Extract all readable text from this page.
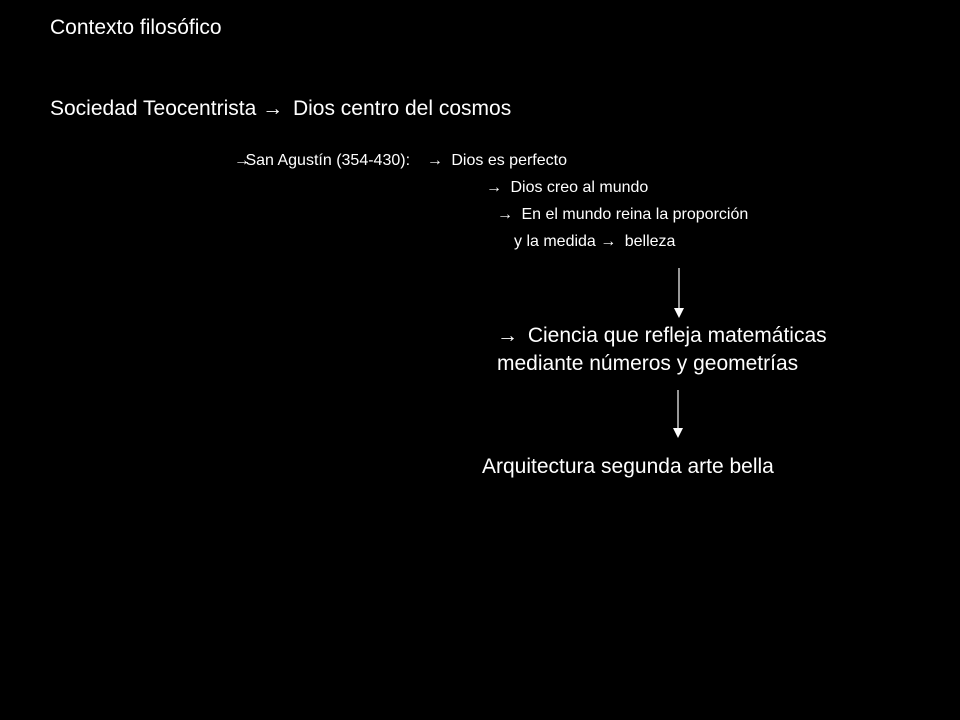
Contexto filosófico
Sociedad Teocentrista → Dios centro del cosmos
→ San Agustín (354-430): → Dios es perfecto
→ Dios creo al mundo
→ En el mundo reina la proporción
y la medida → belleza
→ Ciencia que refleja matemáticas
mediante números y geometrías
Arquitectura segunda arte bella
